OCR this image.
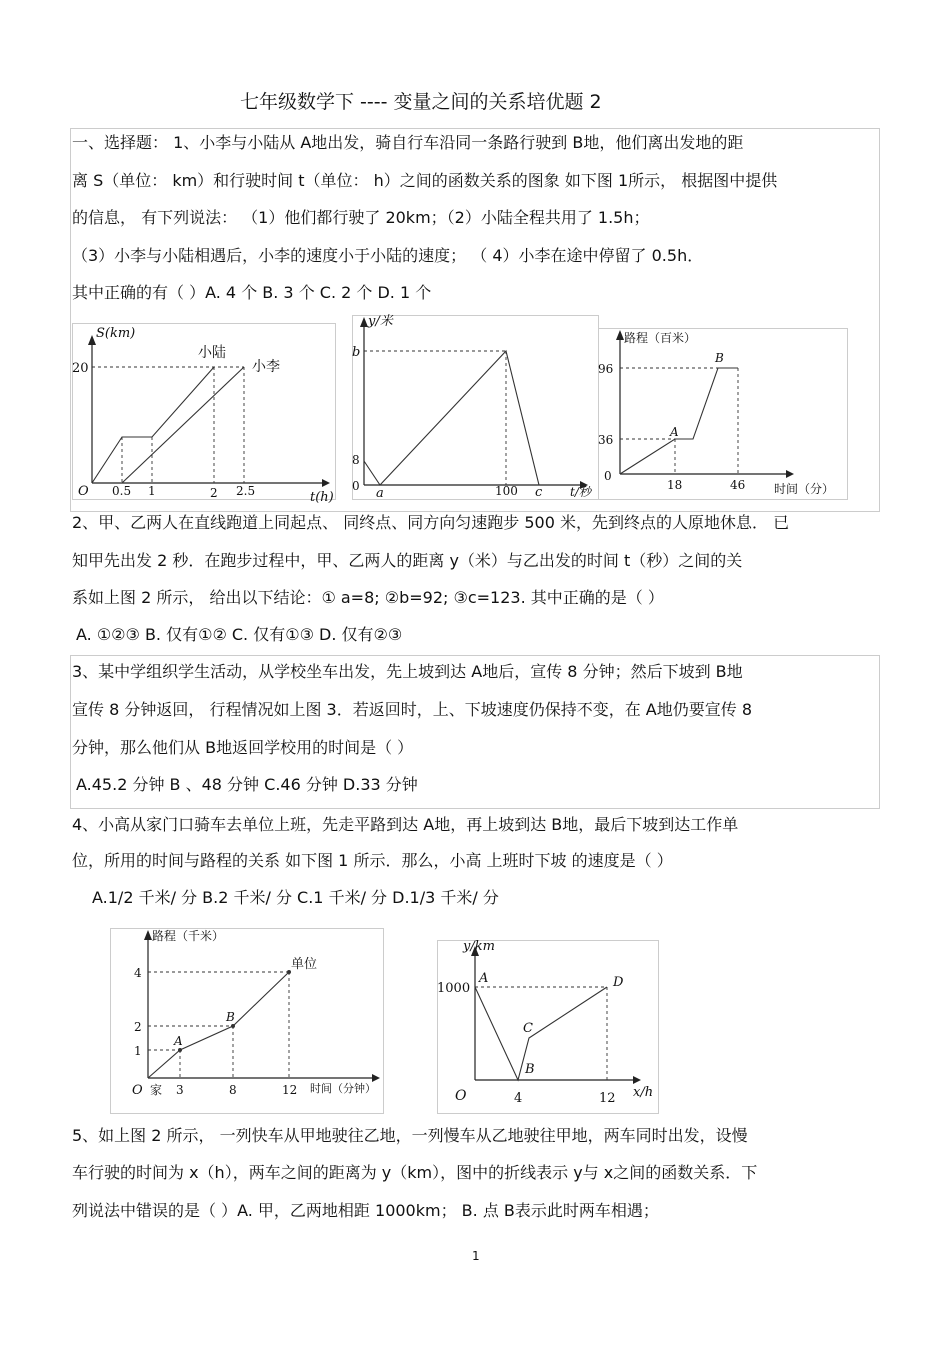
七年级数学下 ---- 变量之间的关系培优题 2
一、选择题： 1、小李与小陆从 A地出发，骑自行车沿同一条路行驶到 B地，他们离出发地的距
离 S（单位： km）和行驶时间 t（单位： h）之间的函数关系的图象 如下图 1所示， 根据图中提供
的信息， 有下列说法： （1）他们都行驶了 20km；（2）小陆全程共用了 1.5h；
（3）小李与小陆相遇后，小李的速度小于小陆的速度； （ 4）小李在途中停留了 0.5h．
其中正确的有（ ）A. 4 个 B. 3 个 C. 2 个 D. 1 个
S(km)
t(h)
O
20
0.5 1	2 2.5
小陆
小李
y/米
b
8
0 a	100 c t/秒
路程（百米）
96
36
0
A
B
18	46 时间（分）
2、甲、乙两人在直线跑道上同起点、 同终点、同方向匀速跑步 500 米，先到终点的人原地休息． 已
知甲先出发 2 秒．在跑步过程中，甲、乙两人的距离 y（米）与乙出发的时间 t（秒）之间的关
系如上图 2 所示， 给出以下结论：① a=8; ②b=92; ③c=123. 其中正确的是（ ）
A. ①②③ B. 仅有①② C. 仅有①③ D. 仅有②③
3、某中学组织学生活动，从学校坐车出发，先上坡到达 A地后，宣传 8 分钟；然后下坡到 B地
宣传 8 分钟返回， 行程情况如上图 3．若返回时，上、下坡速度仍保持不变，在 A地仍要宣传 8
分钟，那么他们从 B地返回学校用的时间是（ ）
A.45.2 分钟 B 、48 分钟 C.46 分钟 D.33 分钟
4、小高从家门口骑车去单位上班，先走平路到达 A地，再上坡到达 B地，最后下坡到达工作单
位，所用的时间与路程的关系 如下图 1 所示．那么，小高 上班时下坡 的速度是（ ）
A.1/2 千米/ 分 B.2 千米/ 分 C.1 千米/ 分 D.1/3 千米/ 分
路程（千米）
4
2
1
O 家 3	8	12 时间（分钟）
A
B
单位
y/km
1000
O	4	12 x/h
A
B
C
D
5、如上图 2 所示， 一列快车从甲地驶往乙地，一列慢车从乙地驶往甲地，两车同时出发，设慢
车行驶的时间为 x（h），两车之间的距离为 y（km），图中的折线表示 y与 x之间的函数关系．下
列说法中错误的是（ ）A. 甲，乙两地相距 1000km； B. 点 B表示此时两车相遇；
1
